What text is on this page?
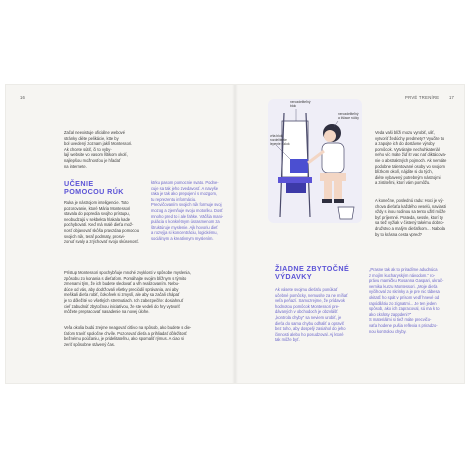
16
Začal neexistuje oficiálne webové
stránky diéte pelikácie, ktte by
bol uvedený zoznam jaklí Montessori.
Ak chcete sútiť, či to vyby-
lají website vo vasom lštikom okolí,
najlepšou možnosťou je hľadať
na internete.
UČENIE
POMOCOU RÚK
Ruka je nástrojom inteligencie. Toto
pozorovanie, ktoré Mária Montessori
stavala do popredia svojho prístupu,
neobudzajú v sekbekta hlakala kade
pochybovatí. Keď má malé dieťa mož-
nosť objavovať skôša pravzdaa pomocou
svojich rúk, teraľ podmaty, prosvi-
zonuť svaly a zrýchovať svojo skúsenosť.
ktrku pasom pomocnie svato. Podne-
cuje sa tak jeho zvedavosť. A navyše
raka je tak ako prepojení s mozgom,
tu reprezentu informáciu.
Precvičovaním svojich rúk formuje svoj
mozog a zjemňuje svoju motoriku. Dosť
mnoho pred to i ale fahke. Väčšia mani-
pulácia s konkrétnym úsrasmenom za
štruktúruje myslenie. Ajk hovoriu dieť
a rozvýja si koncentráciu, logickému,
sociálnym a kreatívnym myslením.
Prístup Montessori spochybňuje mnohé zvyklosti v spôsobe myslenia,
zpôsobu zo konania s dieťaťom. Pomáhajte svojim blížnym s týmito
zmenami tým, že ich budete sledovať a vlh realizovaním. Nebu-
dúce od vás, aby dodržovali všetky preciódií správania, ani aby
meškali dieťa robiť, čokoľvek si zmyslí, ale aby sa začali chápať
je to dôležité vo všetkých stretnutiach. Ich zabezpečíte: dosiahnuť
cieľ zabudnúť zbytočnou iniciatívou, že ste vedeli do hry vytvoriť
môžete prepracovať nasadenie na novej úlohe.
Veľa okolia budú zrejme neagovať citlivo na spôsob, ako budete s die-
ťaťom travíť spoločne chvíle. Pozorovať dieťa a prihliadať dôležitosť
bežnému poúčaniu, je pridelitateľnu, ako spomaliť rýmus. A ciao si
zeriť spôsobne stávený čas.
PRVÉ TRENÍRE 17
nerozdeliteľný
blok
nerozdeliteľný
a líšiace rúčky
vŕta blok
rozdelitenie
lepenie rúčok
Veda vaši blíži mozu vyrobiť, uliť,
vytvoriť žedúchy predmety? Vyučite to
a zapojte ich do dostávne výroby
pomôcok. Vytvárajte nechuhkateriál
neho víc máte žiď it! vac nať diktácova-
nie o abstraktných pojmoch. Ak nemáte
podobne talentované osoby vo svojom
blízkom okolí, nájdite si do tých,
diéte vybavený potrebným nástrojmi
a zistiteľmi, ktorí vám pomôžu.
A konečne, poslednú radu: Hoci je vý-
chova dieťaťa každého veselú, naviasti
vždy s inou rodinou sa tento užitl môže
byť príjemné. Prateda, sessle, ktorí ty
sa tiež vyžiak v čistený takému dobro-
družstvo a malým dieťaťkom… Nabola
by to krásna cesta vpred?
ŽIADNE ZBYTOČNÉ
VÝDAVKY
Ak vásete svojmu dieťaťu ponúkať
učebné pomôcky, nemusíte za ne míňať
veľa peňazí. Samozrejme, že prídavok
hodnotou pomôcok Montessori pre-
dávaných v obchodoch je obzvlášť
„kontrola chyby" sa neviem urobiť, je
dieťa do sama chybu odhaliť a opraviť
bez toho, aby dospelý zasiahol do jeho
činnosti alebo ho posudzoval. Aj ktoré
tak môže byť.
„Prasne tak ak to priradíme adudnúca
z mojím kucharyským návodom." ro-
právu mamičku Rosanna Gaspari, ukrač-
vernika kurzu Montessori. „Moje dieťa
vyčihoval zo skrinky a je pre nic tábesa
okitatč ho spát v prísom vedľ hnevé od
rapódilátiu zo zignatmi... Je ten jeden
spôsob, ako ich zapracoval, sú ma k to
ako ckrátsy zappdeni?"
S materiálmi si tiež máte precvičo-
vaťa hodene pušia reflexia s priradzo-
nou kontrolou chyby.
